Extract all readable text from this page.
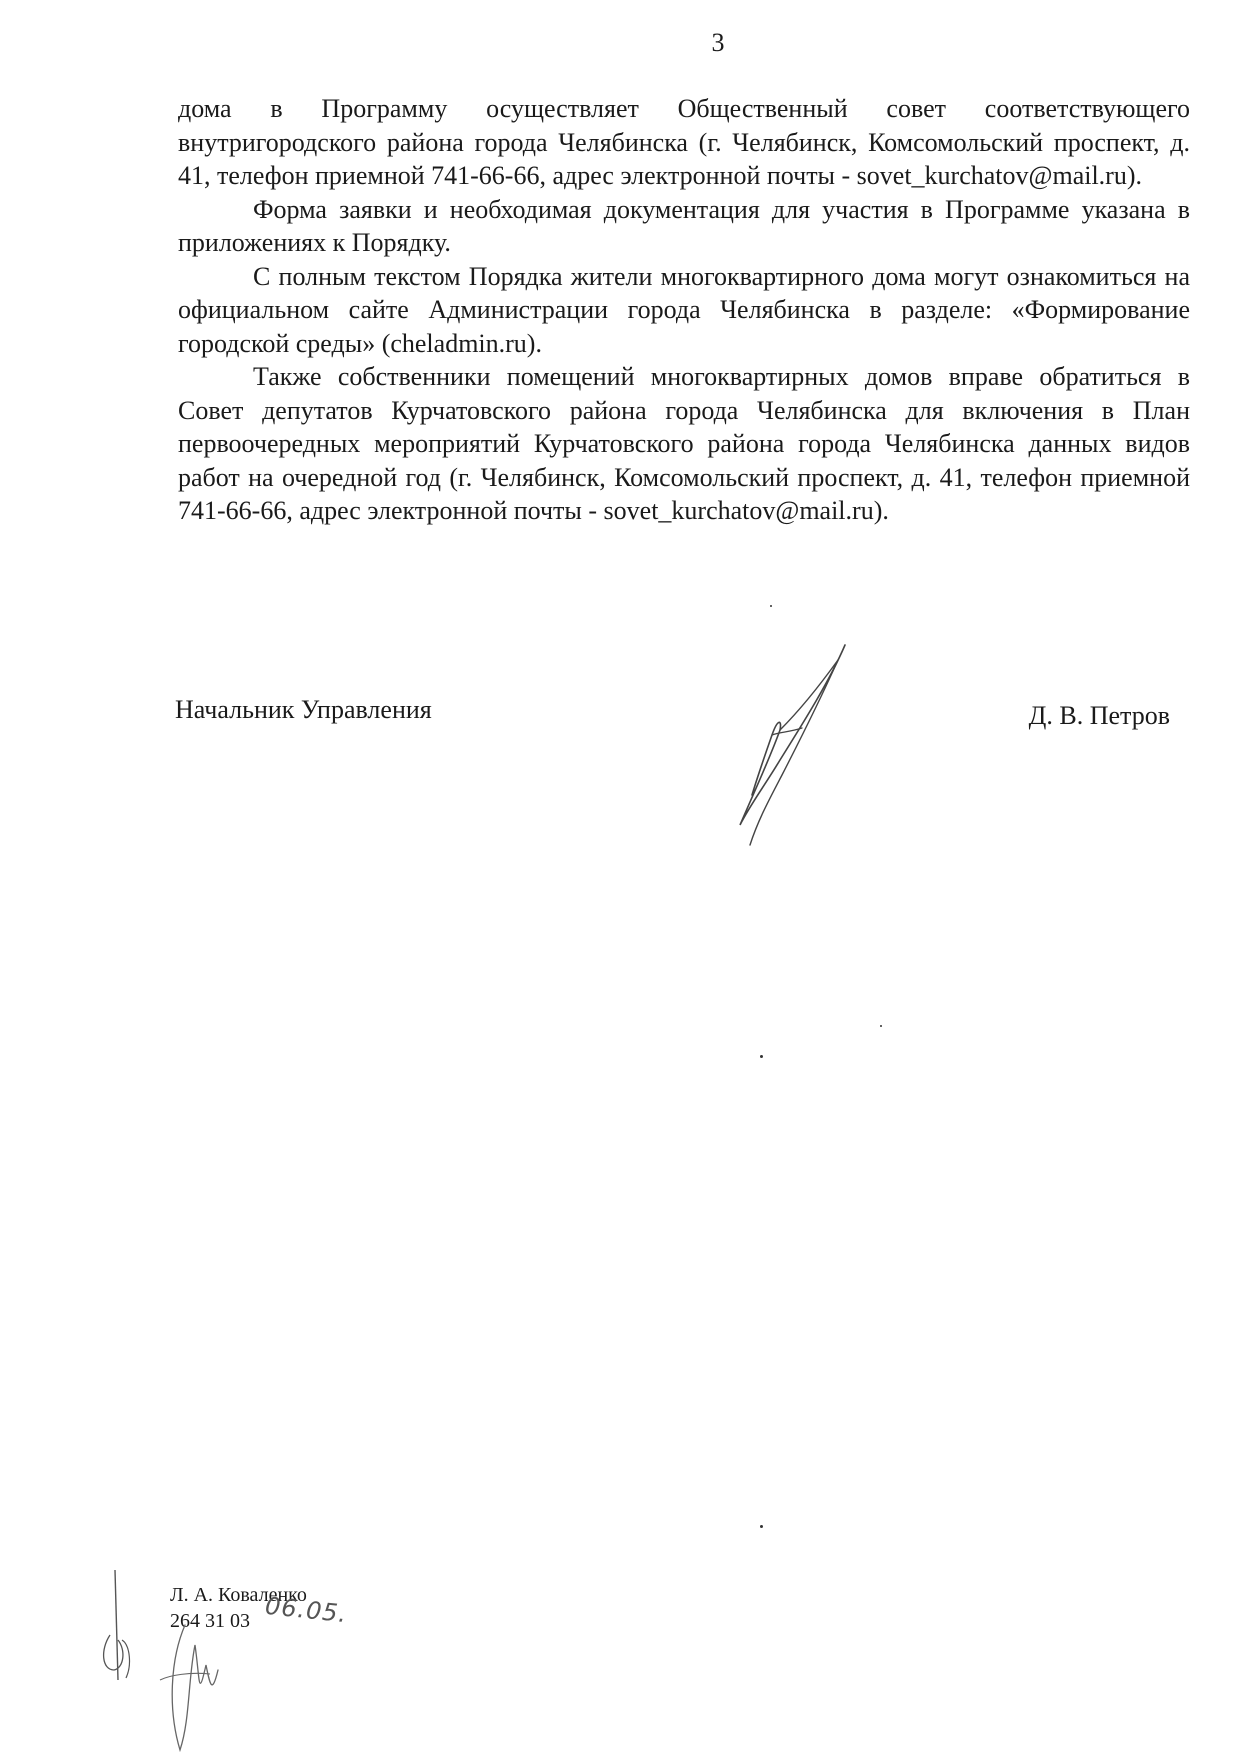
3

дома в Программу осуществляет Общественный совет соответствующего внутригородского района города Челябинска (г. Челябинск, Комсомольский проспект, д. 41, телефон приемной 741-66-66, адрес электронной почты - sovet_kurchatov@mail.ru).

Форма заявки и необходимая документация для участия в Программе указана в приложениях к Порядку.

С полным текстом Порядка жители многоквартирного дома могут ознакомиться на официальном сайте Администрации города Челябинска в разделе: «Формирование городской среды» (cheladmin.ru).

Также собственники помещений многоквартирных домов вправе обратиться в Совет депутатов Курчатовского района города Челябинска для включения в План первоочередных мероприятий Курчатовского района города Челябинска данных видов работ на очередной год (г. Челябинск, Комсомольский проспект, д. 41, телефон приемной 741-66-66, адрес электронной почты - sovet_kurchatov@mail.ru).

Начальник Управления	Д. В. Петров
Л. А. Коваленко
264 31 03 06.05.
